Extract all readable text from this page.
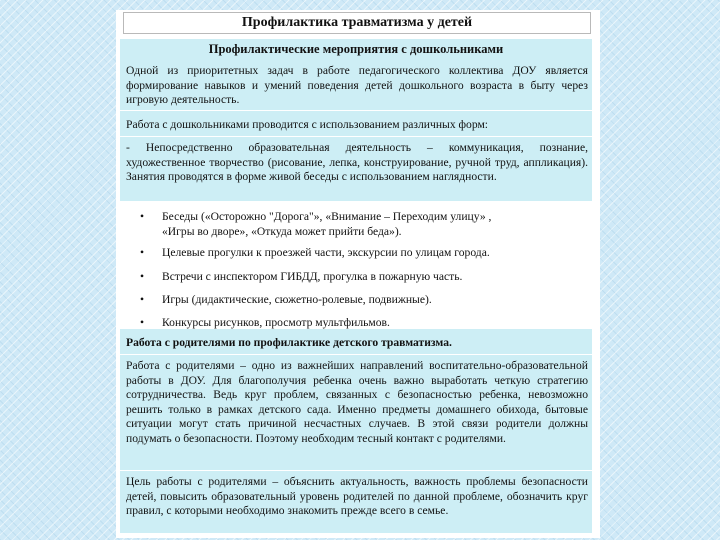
Профилактика травматизма у детей
Профилактические мероприятия с дошкольниками

Одной из приоритетных задач в работе педагогического коллектива ДОУ является формирование навыков и умений поведения детей дошкольного возраста в быту через игровую деятельность.

Работа с дошкольниками проводится с использованием различных форм:

- Непосредственно образовательная деятельность – коммуникация, познание, художественное творчество (рисование, лепка, конструирование, ручной труд, аппликация). Занятия проводятся в форме живой беседы с использованием наглядности.

•	Беседы («Осторожно "Дорога"», «Внимание – Переходим улицу» ,
«Игры во дворе», «Откуда может прийти беда»).
•	Целевые прогулки к проезжей части, экскурсии по улицам города.
•	Встречи с инспектором ГИБДД, прогулка в пожарную часть.
•	Игры (дидактические, сюжетно-ролевые, подвижные).
•	Конкурсы рисунков, просмотр мультфильмов.

Работа с родителями по профилактике детского травматизма.

Работа с родителями – одно из важнейших направлений воспитательно-образовательной работы в ДОУ. Для благополучия ребенка очень важно выработать четкую стратегию сотрудничества. Ведь круг проблем, связанных с безопасностью ребенка, невозможно решить только в рамках детского сада. Именно предметы домашнего обихода, бытовые ситуации могут стать причиной несчастных случаев. В этой связи родители должны подумать о безопасности. Поэтому необходим тесный контакт с родителями.

Цель работы с родителями – объяснить актуальность, важность проблемы безопасности детей, повысить образовательный уровень родителей по данной проблеме, обозначить круг правил, с которыми необходимо знакомить прежде всего в семье.
